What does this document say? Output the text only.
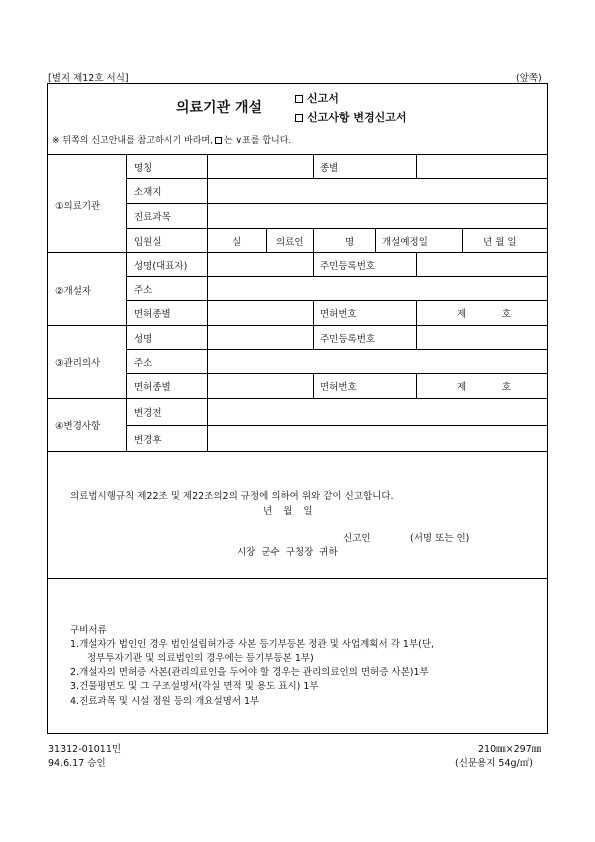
[별지 제12호 서식]	(앞쪽)
의료기관 개설
신고서
신고사항 변경신고서
※ 뒤쪽의 신고안내를 참고하시기 바라며, 는 ∨표를 합니다.
①의료기관
명칭	종별
소재지
진료과목
입원실	실	의료인	명	개설예정일	년 월 일
②개설자
성명(대표자)	주민등록번호
주소
면허종별	면허번호	제 호
③관리의사
성명	주민등록번호
주소
면허종별	면허번호	제 호
④변경사항
변경전
변경후
의료법시행규칙 제22조 및 제22조의2의 규정에 의하여 위와 같이 신고합니다.
년 월 일
신고인	(서명 또는 인)
시장 군수 구청장 귀하
구비서류
1.개설자가 법인인 경우 법인설립허가증 사본 등기부등본 정관 및 사업계획서 각 1부(단,
정부투자기관 및 의료법인의 경우에는 등기부등본 1부)
2.개설자의 면허증 사본(관리의료인을 두어야 할 경우는 관리의료인의 면허증 사본)1부
3.건물평면도 및 그 구조설명서(각실 면적 및 용도 표시) 1부
4.진료과목 및 시설 정원 등의 개요설명서 1부
31312-01011민
94.6.17 승인
210㎜×297㎜
(신문용지 54g/㎡)
